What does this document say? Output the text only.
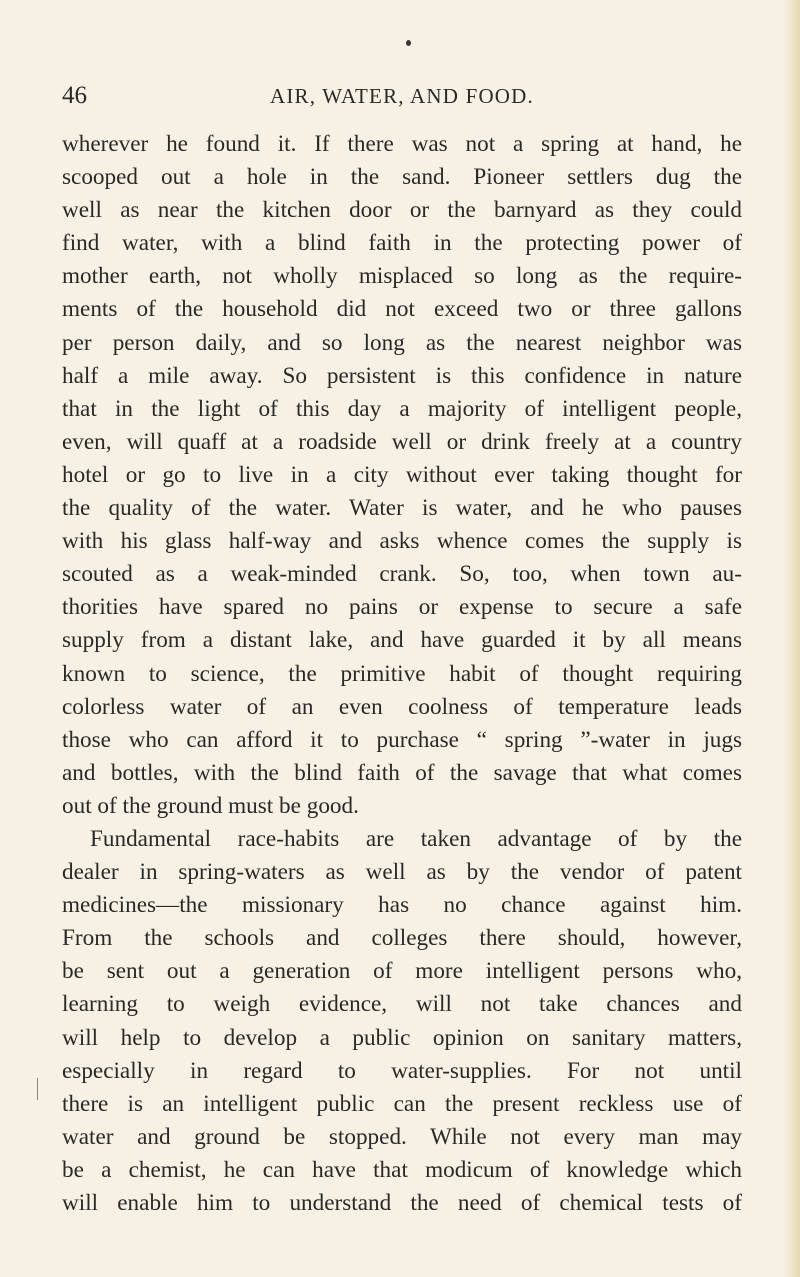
46	AIR, WATER, AND FOOD.
wherever he found it. If there was not a spring at hand, he
scooped out a hole in the sand. Pioneer settlers dug the
well as near the kitchen door or the barnyard as they could
find water, with a blind faith in the protecting power of
mother earth, not wholly misplaced so long as the require-
ments of the household did not exceed two or three gallons
per person daily, and so long as the nearest neighbor was
half a mile away. So persistent is this confidence in nature
that in the light of this day a majority of intelligent people,
even, will quaff at a roadside well or drink freely at a country
hotel or go to live in a city without ever taking thought for
the quality of the water. Water is water, and he who pauses
with his glass half-way and asks whence comes the supply is
scouted as a weak-minded crank. So, too, when town au-
thorities have spared no pains or expense to secure a safe
supply from a distant lake, and have guarded it by all means
known to science, the primitive habit of thought requiring
colorless water of an even coolness of temperature leads
those who can afford it to purchase “ spring ”-water in jugs
and bottles, with the blind faith of the savage that what comes
out of the ground must be good.
Fundamental race-habits are taken advantage of by the
dealer in spring-waters as well as by the vendor of patent
medicines—the missionary has no chance against him.
From the schools and colleges there should, however,
be sent out a generation of more intelligent persons who,
learning to weigh evidence, will not take chances and
will help to develop a public opinion on sanitary matters,
especially in regard to water-supplies. For not until
there is an intelligent public can the present reckless use of
water and ground be stopped. While not every man may
be a chemist, he can have that modicum of knowledge which
will enable him to understand the need of chemical tests of
